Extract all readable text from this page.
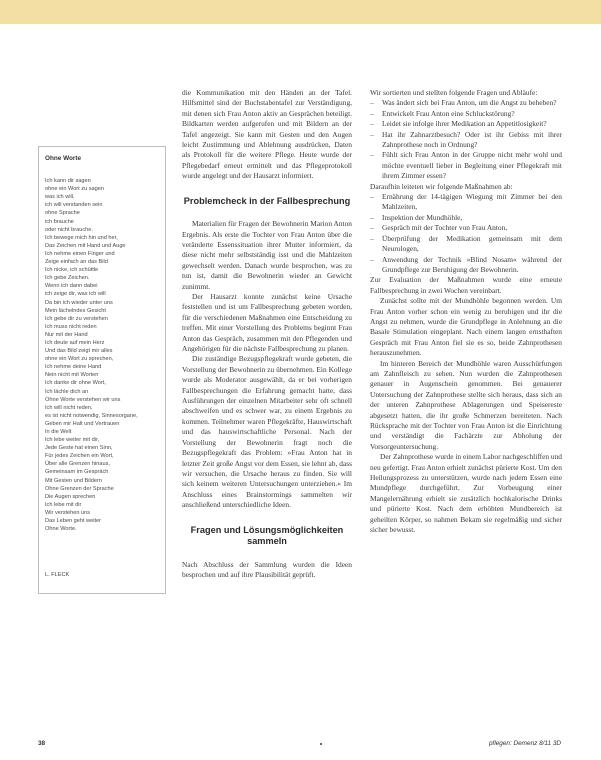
Ohne Worte
Ich kann dir sagen
ohne ein Wort zu sagen
was ich will,
ich will verstanden sein
ohne Sprache
ich brauche
oder nicht brauche.
Ich bewege mich hin und her,
Das Zeichen mit Hand und Auge
Ich nehme einen Finger und
Zeige einfach an das Bild
Ich nicke, ich schüttle
Ich gebe Zeichen.
Wenn ich dann dabei
ich zeige dir, was ich will
Da bin ich wieder unter uns
Mein lächelndes Gesicht
Ich gebe dir zu verstehen
Ich muss nicht reden
Nur mit der Hand
Ich deute auf mein Herz
Und das Bild zeigt mir alles
ohne ein Wort zu sprechen,
Ich nehme deine Hand
Nein nicht mit Worten
Ich danke dir ohne Wort,
Ich lächle dich an
Ohne Worte verstehen wir uns
Ich will nicht reden,
es ist nicht notwendig, Sinnesorgane,
Geben mir Halt und Vertrauen
In die Welt
Ich lebe weiter mit dir,
Jede Geste hat einen Sinn,
Für jedes Zeichen ein Wort,
Über alle Grenzen hinaus,
Gemeinsam im Gespräch
Mit Gesten und Bildern
Ohne Grenzen der Sprache
Die Augen sprechen
Ich lebe mit dir
Wir verstehen uns
Das Leben geht weiter
Ohne Worte.
L. FLECK

die Kommunikation mit den Händen an der Tafel. Hilfsmittel sind der Buchstabentafel zur Verständigung, mit denen sich Frau Anton aktiv an Gesprächen beteiligt. Bildkarten werden aufgerufen und mit Bildern an der Tafel angezeigt. Sie kann mit Gesten und den Augen leicht Zustimmung und Ablehnung ausdrücken, Daten als Protokoll für die weitere Pflege. Heute wurde der Pflegebedarf erneut ermittelt und das Pflegeprotokoll wurde angelegt und der Hausarzt informiert.

Problemcheck in der Fallbesprechung

Materialien für Fragen der Bewohnerin Marion Anton Ergebnis. Als erste die Tochter von Frau Anton über die veränderte Essenssituation ihrer Mutter informiert, da diese nicht mehr selbstständig isst und die Mahlzeiten gewechselt werden. Danach wurde besprochen, was zu tun ist, damit die Bewohnerin wieder an Gewicht zunimmt.

Der Hausarzt konnte zunächst keine Ursache feststellen und ist um Fallbesprechung gebeten worden, für die verschiedenen Maßnahmen eine Entscheidung zu treffen. Mit einer Vorstellung des Problems beginnt Frau Anton das Gespräch, zusammen mit den Pflegenden und Angehörigen für die nächste Fallbesprechung zu planen.

Die zuständige Bezugspflegekraft wurde gebeten, die Vorstellung der Bewohnerin zu übernehmen. Ein Kollege wurde als Moderator ausgewählt, da er bei vorherigen Fallbesprechungen die Erfahrung gemacht hatte, dass Ausführungen der einzelnen Mitarbeiter sehr oft schnell abschweifen und es schwer war, zu einem Ergebnis zu kommen. Teilnehmer waren Pflegekräfte, Hauswirtschaft und das hauswirtschaftliche Personal. Nach der Vorstellung der Bewohnerin fragt noch die Bezugspflegekraft das Problem: »Frau Anton hat in letzter Zeit große Angst vor dem Essen, sie lehnt ab, dass wir versuchen, die Ursache heraus zu finden. Sie will sich keinem weiteren Untersuchungen unterziehen.« Im Anschluss eines Brainstormings sammelten wir anschließend unterschiedliche Ideen.

Fragen und Lösungsmöglichkeiten sammeln

Nach Abschluss der Sammlung wurden die Ideen besprochen und auf ihre Plausibilität geprüft.

Wir sortierten und stellten folgende Fragen und Abläufe:

– Was ändert sich bei Frau Anton, um die Angst zu beheben?
– Entwickelt Frau Anton eine Schluckstörung?
– Leidet sie infolge ihrer Medikation an Appetitlosigkeit?
– Hat ihr Zahnarztbesuch? Oder ist ihr Gebiss mit ihrer Zahnprothese noch in Ordnung?
– Fühlt sich Frau Anton in der Gruppe nicht mehr wohl und möchte eventuell lieber in Begleitung einer Pflegekraft mit ihrem Zimmer essen?

Daraufhin leiteten wir folgende Maßnahmen ab:

– Ernährung der 14-tägigen Wiegung mit Zimmer bei den Mahlzeiten,
– Inspektion der Mundhöhle,
– Gespräch mit der Tochter von Frau Anton,
– Überprüfung der Medikation gemeinsam mit dem Neurologen,
– Anwendung der Technik »Blind Nosam« während der Grundpflege zur Beruhigung der Bewohnerin.

Zur Evaluation der Maßnahmen wurde eine erneute Fallbesprechung in zwei Wochen vereinbart.

Zunächst sollte mit der Mundhöhle begonnen werden. Um Frau Anton vorher schon ein wenig zu beruhigen und ihr die Angst zu nehmen, wurde die Grundpflege in Anlehnung an die Basale Stimulation eingeplant. Nach einem langen ernsthaften Gespräch mit Frau Anton fiel sie es so, beide Zahnprothesen herauszunehmen.

Im hinteren Bereich der Mundhöhle waren Ausschürfungen am Zahnfleisch zu sehen. Nun wurden die Zahnprothesen genauer in Augenschein genommen. Bei genauerer Untersuchung der Zahnprothese stellte sich heraus, dass sich an der unteren Zahnprothese Ablagerungen und Speisereste abgesetzt hatten, die ihr große Schmerzen bereiteten. Nach Rücksprache mit der Tochter von Frau Anton ist die Einrichtung und verständigt die Fachärzte zur Abholung der Vorsorgeuntersuchung.

Der Zahnprothese wurde in einem Labor nachgeschliffen und neu gefertigt. Frau Anton erhielt zunächst pürierte Kost. Um den Heilungsprozess zu unterstützen, wurde nach jedem Essen eine Mundpflege durchgeführt. Zur Vorbeugung einer Mangelernährung erhielt sie zusätzlich hochkalorische Drinks und pürierte Kost. Nach dem erhöhten Mundbereich ist geheilten Körper, so nahmen Bekam sie regelmäßig und sicher sicher bewusst.

38	pflegen: Demenz 8/11 3D
